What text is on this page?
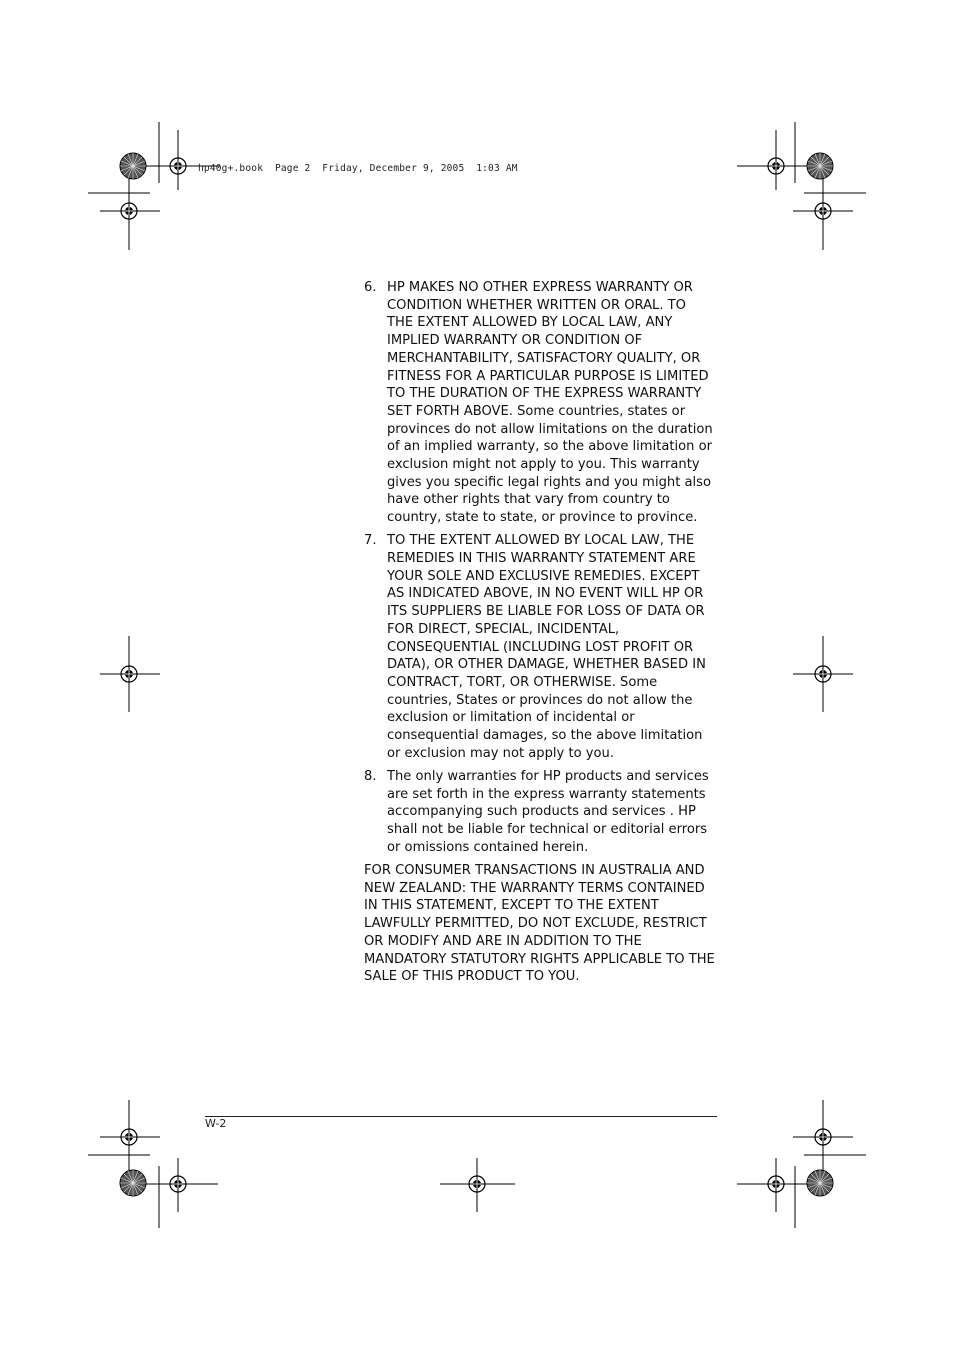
hp40g+.book  Page 2  Friday, December 9, 2005  1:03 AM
6. HP MAKES NO OTHER EXPRESS WARRANTY OR CONDITION WHETHER WRITTEN OR ORAL. TO THE EXTENT ALLOWED BY LOCAL LAW, ANY IMPLIED WARRANTY OR CONDITION OF MERCHANTABILITY, SATISFACTORY QUALITY, OR FITNESS FOR A PARTICULAR PURPOSE IS LIMITED TO THE DURATION OF THE EXPRESS WARRANTY SET FORTH ABOVE. Some countries, states or provinces do not allow limitations on the duration of an implied warranty, so the above limitation or exclusion might not apply to you. This warranty gives you specific legal rights and you might also have other rights that vary from country to country, state to state, or province to province.
7. TO THE EXTENT ALLOWED BY LOCAL LAW, THE REMEDIES IN THIS WARRANTY STATEMENT ARE YOUR SOLE AND EXCLUSIVE REMEDIES. EXCEPT AS INDICATED ABOVE, IN NO EVENT WILL HP OR ITS SUPPLIERS BE LIABLE FOR LOSS OF DATA OR FOR DIRECT, SPECIAL, INCIDENTAL, CONSEQUENTIAL (INCLUDING LOST PROFIT OR DATA), OR OTHER DAMAGE, WHETHER BASED IN CONTRACT, TORT, OR OTHERWISE. Some countries, States or provinces do not allow the exclusion or limitation of incidental or consequential damages, so the above limitation or exclusion may not apply to you.
8. The only warranties for HP products and services are set forth in the express warranty statements accompanying such products and services . HP shall not be liable for technical or editorial errors or omissions contained herein.

FOR CONSUMER TRANSACTIONS IN AUSTRALIA AND NEW ZEALAND: THE WARRANTY TERMS CONTAINED IN THIS STATEMENT, EXCEPT TO THE EXTENT LAWFULLY PERMITTED, DO NOT EXCLUDE, RESTRICT OR MODIFY AND ARE IN ADDITION TO THE MANDATORY STATUTORY RIGHTS APPLICABLE TO THE SALE OF THIS PRODUCT TO YOU.

W-2
